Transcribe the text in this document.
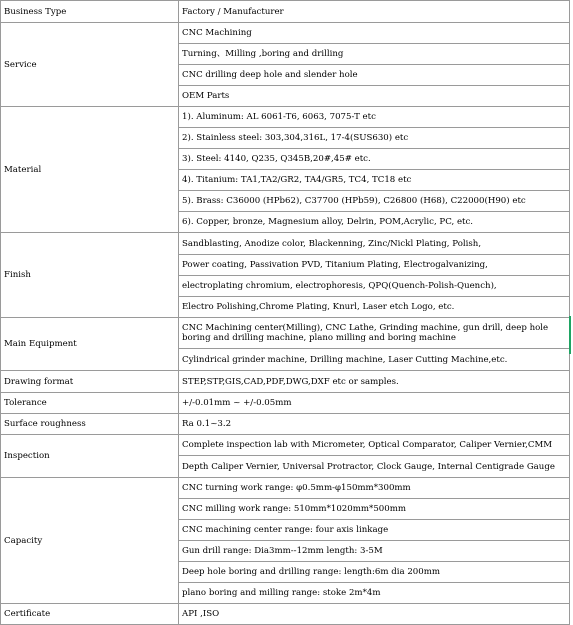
Business Type	Factory / Manufacturer
Service	CNC Machining
	Turning、Milling ,boring and drilling
	CNC drilling deep hole and slender hole
	OEM Parts
Material	1). Aluminum: AL 6061-T6, 6063, 7075-T etc
	2). Stainless steel: 303,304,316L, 17-4(SUS630) etc
	3). Steel: 4140, Q235, Q345B,20#,45# etc.
	4). Titanium: TA1,TA2/GR2, TA4/GR5, TC4, TC18 etc
	5). Brass: C36000 (HPb62), C37700 (HPb59), C26800 (H68), C22000(H90) etc
	6). Copper, bronze, Magnesium alloy, Delrin, POM,Acrylic, PC, etc.
Finish	Sandblasting, Anodize color, Blackenning, Zinc/Nickl Plating, Polish,
	Power coating, Passivation PVD, Titanium Plating, Electrogalvanizing,
	electroplating chromium, electrophoresis, QPQ(Quench-Polish-Quench),
	Electro Polishing,Chrome Plating, Knurl, Laser etch Logo, etc.
Main Equipment	CNC Machining center(Milling), CNC Lathe, Grinding machine, gun drill, deep hole boring and drilling machine, plano milling and boring machine
	Cylindrical grinder machine, Drilling machine, Laser Cutting Machine,etc.
Drawing format	STEP,STP,GIS,CAD,PDF,DWG,DXF etc or samples.
Tolerance	+/-0.01mm ~ +/-0.05mm
Surface roughness	Ra 0.1~3.2
Inspection	Complete inspection lab with Micrometer, Optical Comparator, Caliper Vernier,CMM
	Depth Caliper Vernier, Universal Protractor, Clock Gauge, Internal Centigrade Gauge
Capacity	CNC turning work range: φ0.5mm-φ150mm*300mm
	CNC milling work range: 510mm*1020mm*500mm
	CNC machining center range: four axis linkage
	Gun drill range: Dia3mm--12mm length: 3-5M
	Deep hole boring and drilling range: length:6m dia 200mm
	plano boring and milling range: stoke 2m*4m
Certificate	API ,ISO
